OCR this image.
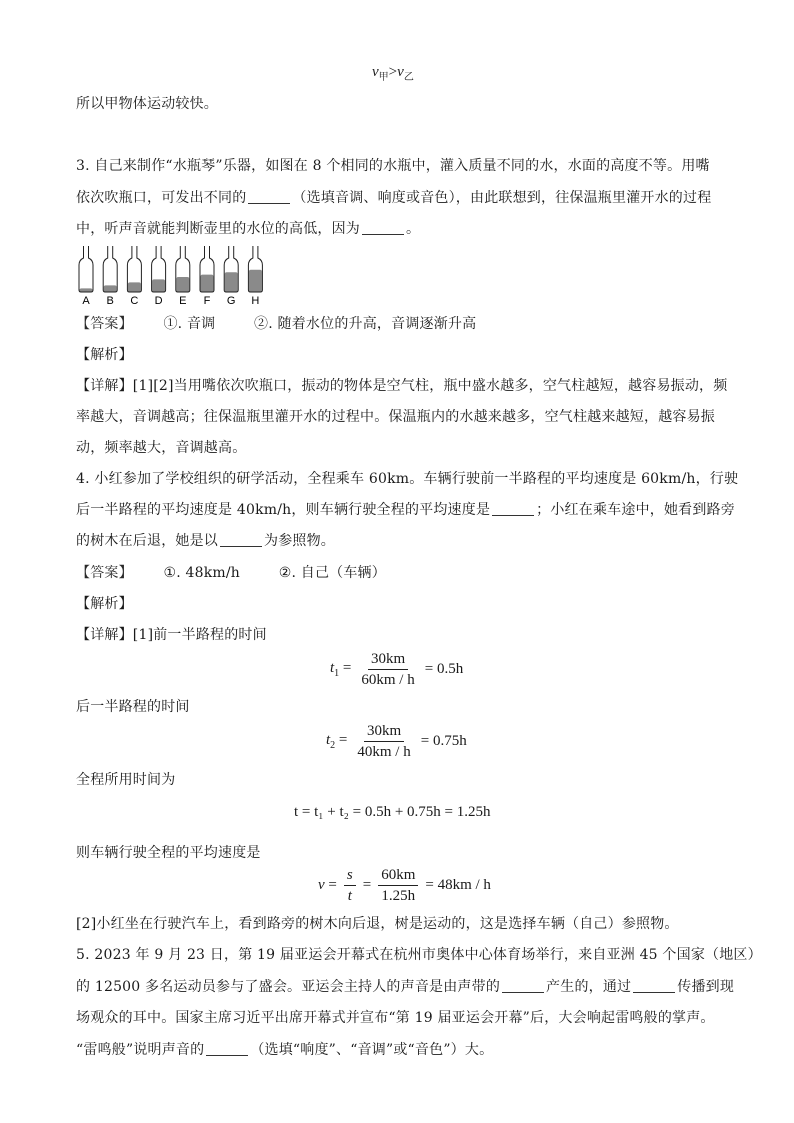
$v_甲>v_乙$
所以甲物体运动较快。
3. 自己来制作“水瓶琴”乐器，如图在 8 个相同的水瓶中，灌入质量不同的水，水面的高度不等。用嘴
依次吹瓶口，可发出不同的	（选填音调、响度或音色），由此联想到，往保温瓶里灌开水的过程
中，听声音就能判断壶里的水位的高低，因为	。
A B C D E F G H
【答案】 ①. 音调	②. 随着水位的升高，音调逐渐升高
【解析】
【详解】[1][2]当用嘴依次吹瓶口，振动的物体是空气柱，瓶中盛水越多，空气柱越短，越容易振动，频
率越大，音调越高；往保温瓶里灌开水的过程中。保温瓶内的水越来越多，空气柱越来越短，越容易振
动，频率越大，音调越高。
4. 小红参加了学校组织的研学活动，全程乘车 60km。车辆行驶前一半路程的平均速度是 60km/h，行驶
后一半路程的平均速度是 40km/h，则车辆行驶全程的平均速度是	；小红在乘车途中，她看到路旁
的树木在后退，她是以	为参照物。
【答案】 ①. 48km/h	②. 自己（车辆）
【解析】
【详解】[1]前一半路程的时间
$t_1 = \frac{30km}{60km / h} = 0.5h$
后一半路程的时间
$t_2 = \frac{30km}{40km / h} = 0.75h$
全程所用时间为
t = t₁ + t₂ = 0.5h + 0.75h = 1.25h
则车辆行驶全程的平均速度是
$v = \frac{s}{t} = \frac{60km}{1.25h} = 48km / h$
[2]小红坐在行驶汽车上，看到路旁的树木向后退，树是运动的，这是选择车辆（自己）参照物。
5. 2023 年 9 月 23 日，第 19 届亚运会开幕式在杭州市奥体中心体育场举行，来自亚洲 45 个国家（地区）
的 12500 多名运动员参与了盛会。亚运会主持人的声音是由声带的	产生的，通过	传播到现
场观众的耳中。国家主席习近平出席开幕式并宣布“第 19 届亚运会开幕”后，大会响起雷鸣般的掌声。
“雷鸣般”说明声音的	（选填“响度”、“音调”或“音色”）大。
